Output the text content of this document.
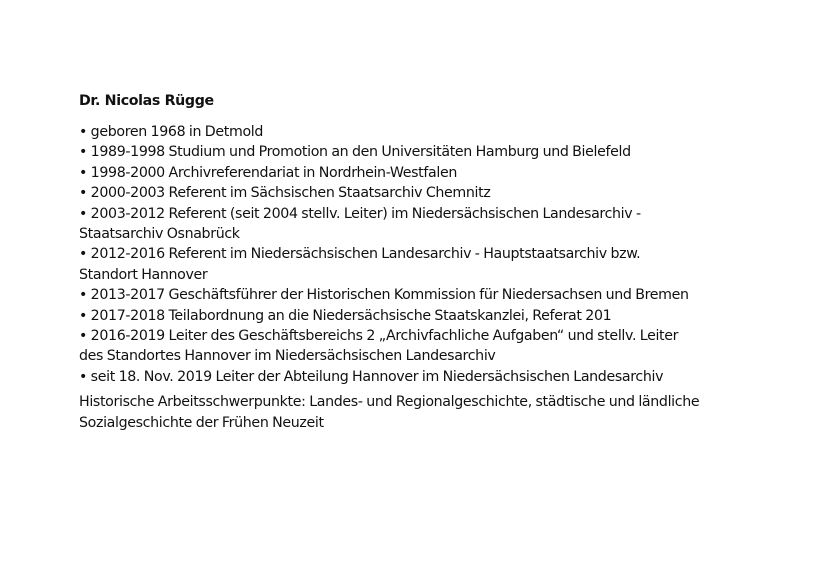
Dr. Nicolas Rügge
• geboren 1968 in Detmold
• 1989-1998 Studium und Promotion an den Universitäten Hamburg und Bielefeld
• 1998-2000 Archivreferendariat in Nordrhein-Westfalen
• 2000-2003 Referent im Sächsischen Staatsarchiv Chemnitz
• 2003-2012 Referent (seit 2004 stellv. Leiter) im Niedersächsischen Landesarchiv -
Staatsarchiv Osnabrück
• 2012-2016 Referent im Niedersächsischen Landesarchiv - Hauptstaatsarchiv bzw.
Standort Hannover
• 2013-2017 Geschäftsführer der Historischen Kommission für Niedersachsen und Bremen
• 2017-2018 Teilabordnung an die Niedersächsische Staatskanzlei, Referat 201
• 2016-2019 Leiter des Geschäftsbereichs 2 „Archivfachliche Aufgaben“ und stellv. Leiter
des Standortes Hannover im Niedersächsischen Landesarchiv
• seit 18. Nov. 2019 Leiter der Abteilung Hannover im Niedersächsischen Landesarchiv

Historische Arbeitsschwerpunkte: Landes- und Regionalgeschichte, städtische und ländliche
Sozialgeschichte der Frühen Neuzeit
